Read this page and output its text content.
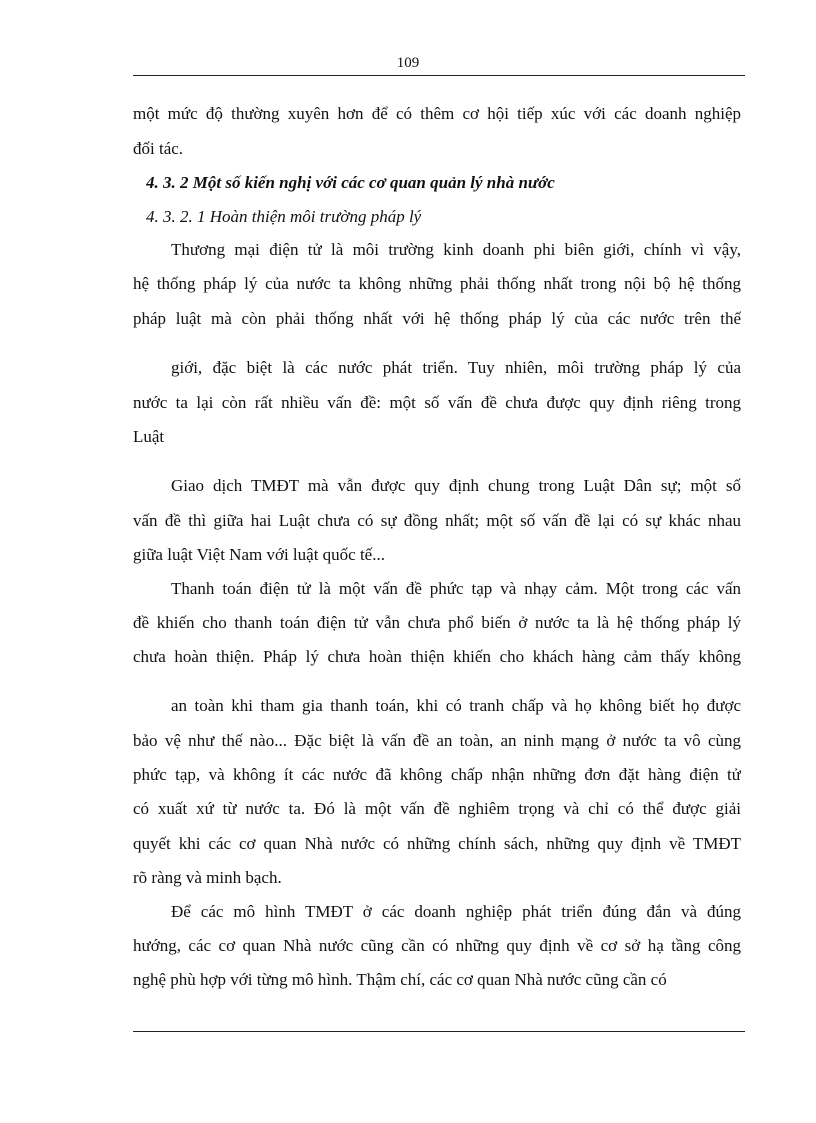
109
một mức độ thường xuyên hơn để có thêm cơ hội tiếp xúc với các doanh nghiệp
đối tác.
4. 3. 2 Một số kiến nghị với các cơ quan quản lý nhà nước
4. 3. 2. 1 Hoàn thiện môi trường pháp lý
Thương mại điện tử là môi trường kinh doanh phi biên giới, chính vì vậy,
hệ thống pháp lý của nước ta không những phải thống nhất trong nội bộ hệ thống
pháp luật mà còn phải thống nhất với hệ thống pháp lý của các nước trên thế
giới, đặc biệt là các nước phát triển. Tuy nhiên, môi trường pháp lý của
nước ta lại còn rất nhiều vấn đề: một số vấn đề chưa được quy định riêng trong
Luật
Giao dịch TMĐT mà vẫn được quy định chung trong Luật Dân sự; một số
vấn đề thì giữa hai Luật chưa có sự đồng nhất; một số vấn đề lại có sự khác nhau
giữa luật Việt Nam với luật quốc tế...
Thanh toán điện tử là một vấn đề phức tạp và nhạy cảm. Một trong các vấn
đề khiến cho thanh toán điện tử vẫn chưa phổ biến ở nước ta là hệ thống pháp lý
chưa hoàn thiện. Pháp lý chưa hoàn thiện khiến cho khách hàng cảm thấy không
an toàn khi tham gia thanh toán, khi có tranh chấp và họ không biết họ được
bảo vệ như thế nào... Đặc biệt là vấn đề an toàn, an ninh mạng ở nước ta vô cùng
phức tạp, và không ít các nước đã không chấp nhận những đơn đặt hàng điện tử
có xuất xứ từ nước ta. Đó là một vấn đề nghiêm trọng và chỉ có thể được giải
quyết khi các cơ quan Nhà nước có những chính sách, những quy định về TMĐT
rõ ràng và minh bạch.
Để các mô hình TMĐT ở các doanh nghiệp phát triển đúng đắn và đúng
hướng, các cơ quan Nhà nước cũng cần có những quy định về cơ sở hạ tầng công
nghệ phù hợp với từng mô hình. Thậm chí, các cơ quan Nhà nước cũng cần có
